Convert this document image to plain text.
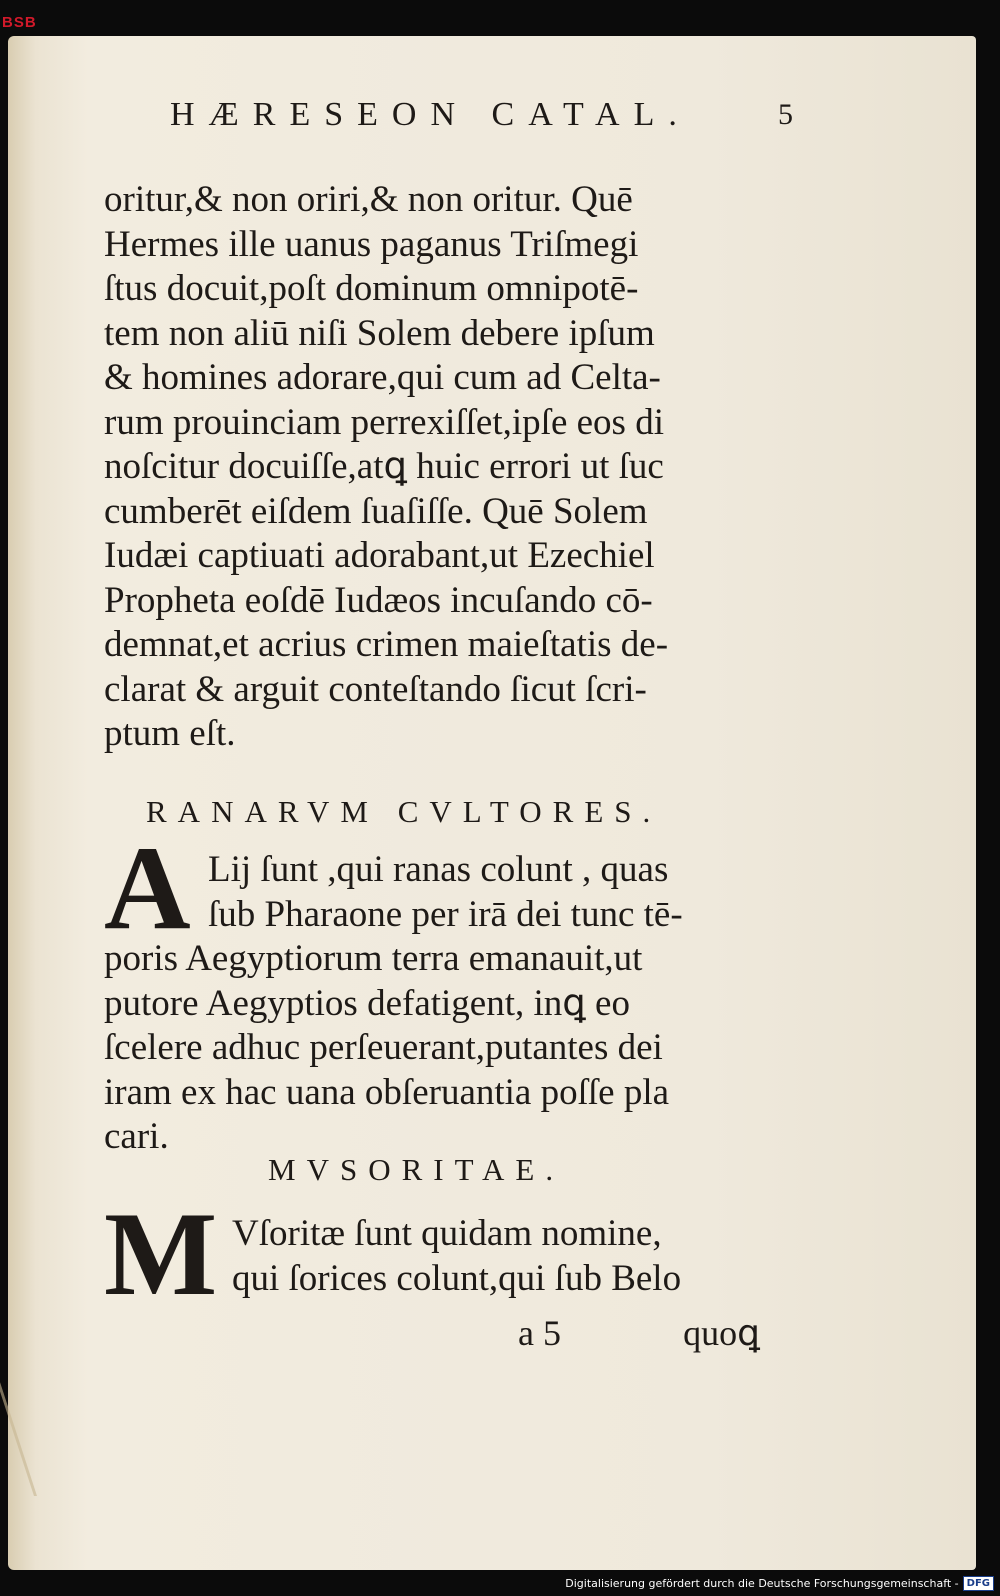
BSB
HÆRESEON CATAL.	5
oritur,& non oriri,& non oritur. Quē
Hermes ille uanus paganus Triſmegi
ſtus docuit,poſt dominum omnipotē-
tem non aliū niſi Solem debere ipſum
& homines adorare,qui cum ad Celta-
rum prouinciam perrexiſſet,ipſe eos di
noſcitur docuiſſe,atꝗ huic errori ut ſuc
cumberēt eiſdem ſuaſiſſe. Quē Solem
Iudæi captiuati adorabant,ut Ezechiel
Propheta eoſdē Iudæos incuſando cō-
demnat,et acrius crimen maieſtatis de-
clarat & arguit conteſtando ſicut ſcri-
ptum eſt.
RANARVM CVLTORES.
A Lij ſunt ,qui ranas colunt , quas
ſub Pharaone per irā dei tunc tē-
poris Aegyptiorum terra emanauit,ut
putore Aegyptios defatigent, inꝗ eo
ſcelere adhuc perſeuerant,putantes dei
iram ex hac uana obſeruantia poſſe pla
cari.
MVSORITAE.
M Vſoritæ ſunt quidam nomine,
qui ſorices colunt,qui ſub Belo
a 5	quoꝗ
Digitalisierung gefördert durch die Deutsche Forschungsgemeinschaft - DFG
